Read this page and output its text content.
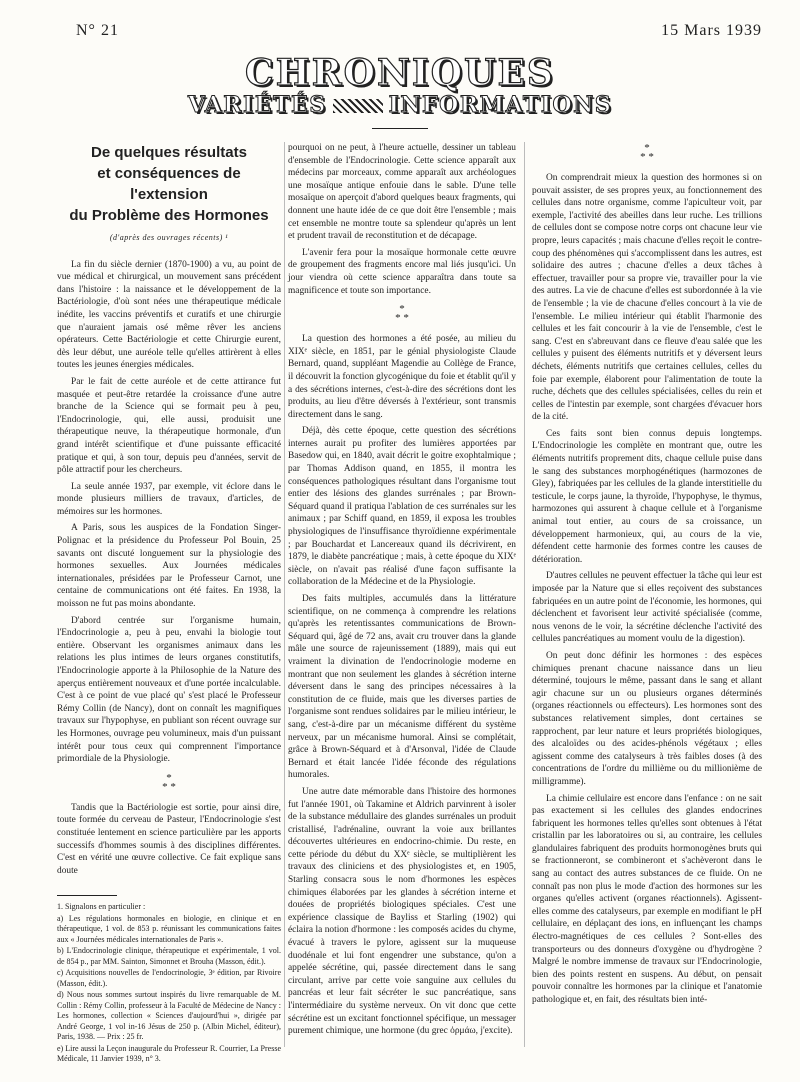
N° 21	15 Mars 1939
CHRONIQUES
VARIÉTÉS	INFORMATIONS
De quelques résultats
et conséquences de l'extension
du Problème des Hormones
(d'après des ouvrages récents) ¹

La fin du siècle dernier (1870-1900) a vu, au point de vue médical et chirurgical, un mouvement sans précédent dans l'histoire : la naissance et le développement de la Bactériologie, d'où sont nées une thérapeutique médicale inédite, les vaccins préventifs et curatifs et une chirurgie que n'auraient jamais osé même rêver les anciens opérateurs. Cette Bactériologie et cette Chirurgie eurent, dès leur début, une auréole telle qu'elles attirèrent à elles toutes les jeunes énergies médicales.

Par le fait de cette auréole et de cette attirance fut masquée et peut-être retardée la croissance d'une autre branche de la Science qui se formait peu à peu, l'Endocrinologie, qui, elle aussi, produisit une thérapeutique neuve, la thérapeutique hormonale, d'un grand intérêt scientifique et d'une puissante efficacité pratique et qui, à son tour, depuis peu d'années, servit de pôle attractif pour les chercheurs.

La seule année 1937, par exemple, vit éclore dans le monde plusieurs milliers de travaux, d'articles, de mémoires sur les hormones.

A Paris, sous les auspices de la Fondation Singer-Polignac et la présidence du Professeur Pol Bouin, 25 savants ont discuté longuement sur la physiologie des hormones sexuelles. Aux Journées médicales internationales, présidées par le Professeur Carnot, une centaine de communications ont été faites. En 1938, la moisson ne fut pas moins abondante.

D'abord centrée sur l'organisme humain, l'Endocrinologie a, peu à peu, envahi la biologie tout entière. Observant les organismes animaux dans les relations les plus intimes de leurs organes constitutifs, l'Endocrinologie apporte à la Philosophie de la Nature des aperçus entièrement nouveaux et d'une portée incalculable. C'est à ce point de vue placé qu' s'est placé le Professeur Rémy Collin (de Nancy), dont on connaît les magnifiques travaux sur l'hypophyse, en publiant son récent ouvrage sur les Hormones, ouvrage peu volumineux, mais d'un puissant intérêt pour tous ceux qui comprennent l'importance primordiale de la Physiologie.

*
* *

Tandis que la Bactériologie est sortie, pour ainsi dire, toute formée du cerveau de Pasteur, l'Endocrinologie s'est constituée lentement en science particulière par les apports successifs d'hommes soumis à des disciplines différentes. C'est en vérité une œuvre collective. Ce fait explique sans doute

1. Signalons en particulier :
a) Les régulations hormonales en biologie, en clinique et en thérapeutique, 1 vol. de 853 p. réunissant les communications faites aux « Journées médicales internationales de Paris ».
b) L'Endocrinologie clinique, thérapeutique et expérimentale, 1 vol. de 854 p., par MM. Sainton, Simonnet et Brouha (Masson, édit.).
c) Acquisitions nouvelles de l'endocrinologie, 3ᵉ édition, par Rivoire (Masson, édit.).
d) Nous nous sommes surtout inspirés du livre remarquable de M. Collin : Rémy Collin, professeur à la Faculté de Médecine de Nancy : Les hormones, collection « Sciences d'aujourd'hui », dirigée par André George, 1 vol in-16 Jésus de 250 p. (Albin Michel, éditeur), Paris, 1938. — Prix : 25 fr.
e) Lire aussi la Leçon inaugurale du Professeur R. Courrier, La Presse Médicale, 11 Janvier 1939, n° 3.

pourquoi on ne peut, à l'heure actuelle, dessiner un tableau d'ensemble de l'Endocrinologie. Cette science apparaît aux médecins par morceaux, comme apparaît aux archéologues une mosaïque antique enfouie dans le sable. D'une telle mosaïque on aperçoit d'abord quelques beaux fragments, qui donnent une haute idée de ce que doit être l'ensemble ; mais cet ensemble ne montre toute sa splendeur qu'après un lent et prudent travail de reconstitution et de décapage.

L'avenir fera pour la mosaïque hormonale cette œuvre de groupement des fragments encore mal liés jusqu'ici. Un jour viendra où cette science apparaîtra dans toute sa magnificence et toute son importance.

*
* *

La question des hormones a été posée, au milieu du XIXᵉ siècle, en 1851, par le génial physiologiste Claude Bernard, quand, suppléant Magendie au Collège de France, il découvrit la fonction glycogénique du foie et établit qu'il y a des sécrétions internes, c'est-à-dire des sécrétions dont les produits, au lieu d'être déversés à l'extérieur, sont transmis directement dans le sang.

Déjà, dès cette époque, cette question des sécrétions internes aurait pu profiter des lumières apportées par Basedow qui, en 1840, avait décrit le goitre exophtalmique ; par Thomas Addison quand, en 1855, il montra les conséquences pathologiques résultant dans l'organisme tout entier des lésions des glandes surrénales ; par Brown-Séquard quand il pratiqua l'ablation de ces surrénales sur les animaux ; par Schiff quand, en 1859, il exposa les troubles physiologiques de l'insuffisance thyroïdienne expérimentale ; par Bouchardat et Lancereaux quand ils décrivirent, en 1879, le diabète pancréatique ; mais, à cette époque du XIXᵉ siècle, on n'avait pas réalisé d'une façon suffisante la collaboration de la Médecine et de la Physiologie.

Des faits multiples, accumulés dans la littérature scientifique, on ne commença à comprendre les relations qu'après les retentissantes communications de Brown-Séquard qui, âgé de 72 ans, avait cru trouver dans la glande mâle une source de rajeunissement (1889), mais qui eut vraiment la divination de l'endocrinologie moderne en montrant que non seulement les glandes à sécrétion interne déversent dans le sang des principes nécessaires à la constitution de ce fluide, mais que les diverses parties de l'organisme sont rendues solidaires par le milieu intérieur, le sang, c'est-à-dire par un mécanisme différent du système nerveux, par un mécanisme humoral. Ainsi se complétait, grâce à Brown-Séquard et à d'Arsonval, l'idée de Claude Bernard et était lancée l'idée féconde des régulations humorales.

Une autre date mémorable dans l'histoire des hormones fut l'année 1901, où Takamine et Aldrich parvinrent à isoler de la substance médullaire des glandes surrénales un produit cristallisé, l'adrénaline, ouvrant la voie aux brillantes découvertes ultérieures en endocrino-chimie. Du reste, en cette période du début du XXᵉ siècle, se multiplièrent les travaux des cliniciens et des physiologistes et, en 1905, Starling consacra sous le nom d'hormones les espèces chimiques élaborées par les glandes à sécrétion interne et douées de propriétés biologiques spéciales. C'est une expérience classique de Bayliss et Starling (1902) qui éclaira la notion d'hormone : les composés acides du chyme, évacué à travers le pylore, agissent sur la muqueuse duodénale et lui font engendrer une substance, qu'on a appelée sécrétine, qui, passée directement dans le sang circulant, arrive par cette voie sanguine aux cellules du pancréas et leur fait sécréter le suc pancréatique, sans l'intermédiaire du système nerveux. On vit donc que cette sécrétine est un excitant fonctionnel spécifique, un messager purement chimique, une hormone (du grec ὁρμάω, j'excite).

*
* *

On comprendrait mieux la question des hormones si on pouvait assister, de ses propres yeux, au fonctionnement des cellules dans notre organisme, comme l'apiculteur voit, par exemple, l'activité des abeilles dans leur ruche. Les trillions de cellules dont se compose notre corps ont chacune leur vie propre, leurs capacités ; mais chacune d'elles reçoit le contre-coup des phénomènes qui s'accomplissent dans les autres, est solidaire des autres ; chacune d'elles a deux tâches à effectuer, travailler pour sa propre vie, travailler pour la vie des autres. La vie de chacune d'elles est subordonnée à la vie de l'ensemble ; la vie de chacune d'elles concourt à la vie de l'ensemble. Le milieu intérieur qui établit l'harmonie des cellules et les fait concourir à la vie de l'ensemble, c'est le sang. C'est en s'abreuvant dans ce fleuve d'eau salée que les cellules y puisent des éléments nutritifs et y déversent leurs déchets, éléments nutritifs que certaines cellules, celles du foie par exemple, élaborent pour l'alimentation de toute la ruche, déchets que des cellules spécialisées, celles du rein et celles de l'intestin par exemple, sont chargées d'évacuer hors de la cité.

Ces faits sont bien connus depuis longtemps. L'Endocrinologie les complète en montrant que, outre les éléments nutritifs proprement dits, chaque cellule puise dans le sang des substances morphogénétiques (harmozones de Gley), fabriquées par les cellules de la glande interstitielle du testicule, le corps jaune, la thyroïde, l'hypophyse, le thymus, harmozones qui assurent à chaque cellule et à l'organisme animal tout entier, au cours de sa croissance, un développement harmonieux, qui, au cours de la vie, défendent cette harmonie des formes contre les causes de détérioration.

D'autres cellules ne peuvent effectuer la tâche qui leur est imposée par la Nature que si elles reçoivent des substances fabriquées en un autre point de l'économie, les hormones, qui déclenchent et favorisent leur activité spécialisée (comme, nous venons de le voir, la sécrétine déclenche l'activité des cellules pancréatiques au moment voulu de la digestion).

On peut donc définir les hormones : des espèces chimiques prenant chacune naissance dans un lieu déterminé, toujours le même, passant dans le sang et allant agir chacune sur un ou plusieurs organes déterminés (organes réactionnels ou effecteurs). Les hormones sont des substances relativement simples, dont certaines se rapprochent, par leur nature et leurs propriétés biologiques, des alcaloïdes ou des acides-phénols végétaux ; elles agissent comme des catalyseurs à très faibles doses (à des concentrations de l'ordre du millième ou du millionième de milligramme).

La chimie cellulaire est encore dans l'enfance : on ne sait pas exactement si les cellules des glandes endocrines fabriquent les hormones telles qu'elles sont obtenues à l'état cristallin par les laboratoires ou si, au contraire, les cellules glandulaires fabriquent des produits hormonogènes bruts qui se fractionneront, se combineront et s'achèveront dans le sang au contact des autres substances de ce fluide. On ne connaît pas non plus le mode d'action des hormones sur les organes qu'elles activent (organes réactionnels). Agissent-elles comme des catalyseurs, par exemple en modifiant le pH cellulaire, en déplaçant des ions, en influençant les champs électro-magnétiques de ces cellules ? Sont-elles des transporteurs ou des donneurs d'oxygène ou d'hydrogène ? Malgré le nombre immense de travaux sur l'Endocrinologie, bien des points restent en suspens. Au début, on pensait pouvoir connaître les hormones par la clinique et l'anatomie pathologique et, en fait, des résultats bien inté-
